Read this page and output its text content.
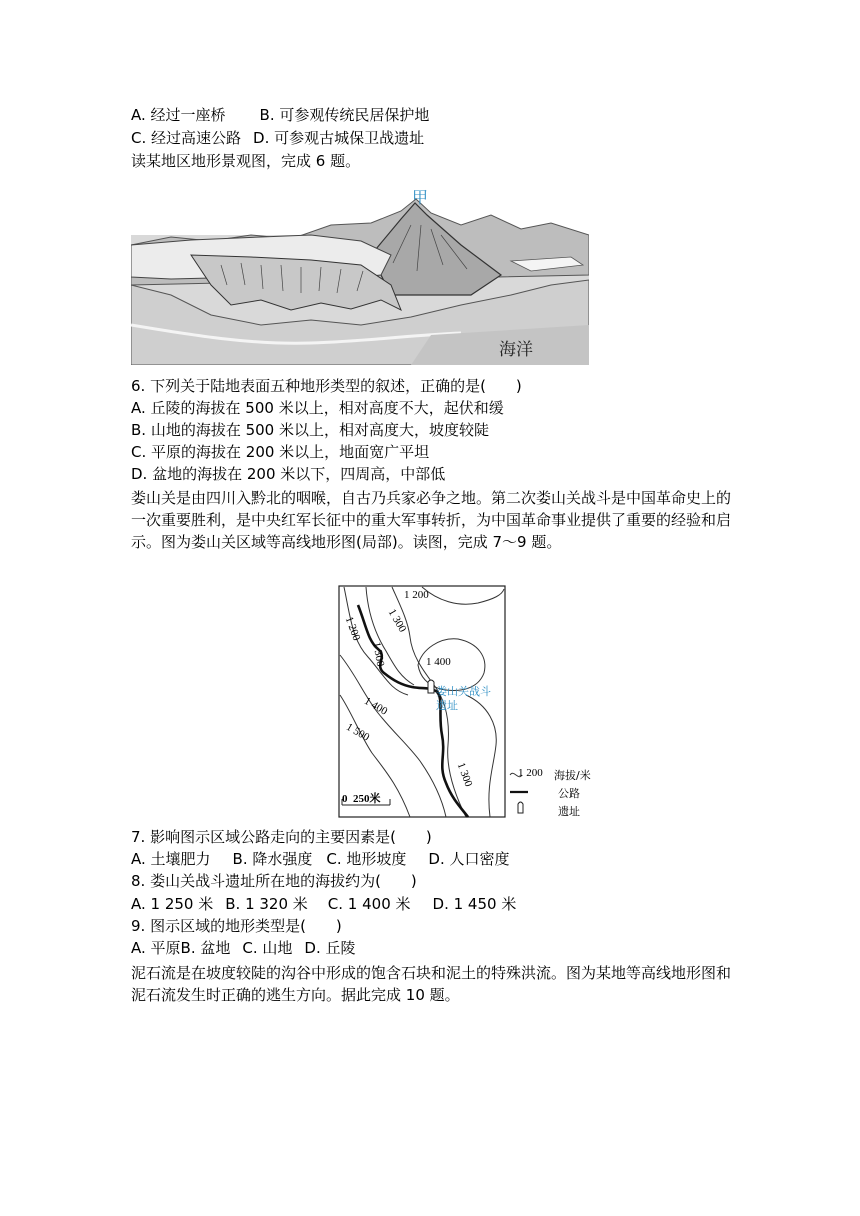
A. 经过一座桥 B. 可参观传统民居保护地
C. 经过高速公路 D. 可参观古城保卫战遗址
读某地区地形景观图，完成 6 题。
甲
海洋
6. 下列关于陆地表面五种地形类型的叙述，正确的是(　　)
A. 丘陵的海拔在 500 米以上，相对高度不大，起伏和缓
B. 山地的海拔在 500 米以上，相对高度大，坡度较陡
C. 平原的海拔在 200 米以上，地面宽广平坦
D. 盆地的海拔在 200 米以下，四周高，中部低
娄山关是由四川入黔北的咽喉，自古乃兵家必争之地。第二次娄山关战斗是中国革命史上的一次重要胜利，是中央红军长征中的重大军事转折，为中国革命事业提供了重要的经验和启示。图为娄山关区域等高线地形图(局部)。读图，完成 7～9 题。
1 200
1 200 1 300
1 300	1 400
1 400
1 500
1 300
娄山关战斗
遗址
0  250米
1 200 海拔/米
公路
遗址
7. 影响图示区域公路走向的主要因素是(　　)
A. 土壤肥力 B. 降水强度 C. 地形坡度 D. 人口密度
8. 娄山关战斗遗址所在地的海拔约为(　　)
A. 1 250 米 B. 1 320 米 C. 1 400 米 D. 1 450 米
9. 图示区域的地形类型是(　　)
A. 平原B. 盆地 C. 山地 D. 丘陵
泥石流是在坡度较陡的沟谷中形成的饱含石块和泥土的特殊洪流。图为某地等高线地形图和泥石流发生时正确的逃生方向。据此完成 10 题。
